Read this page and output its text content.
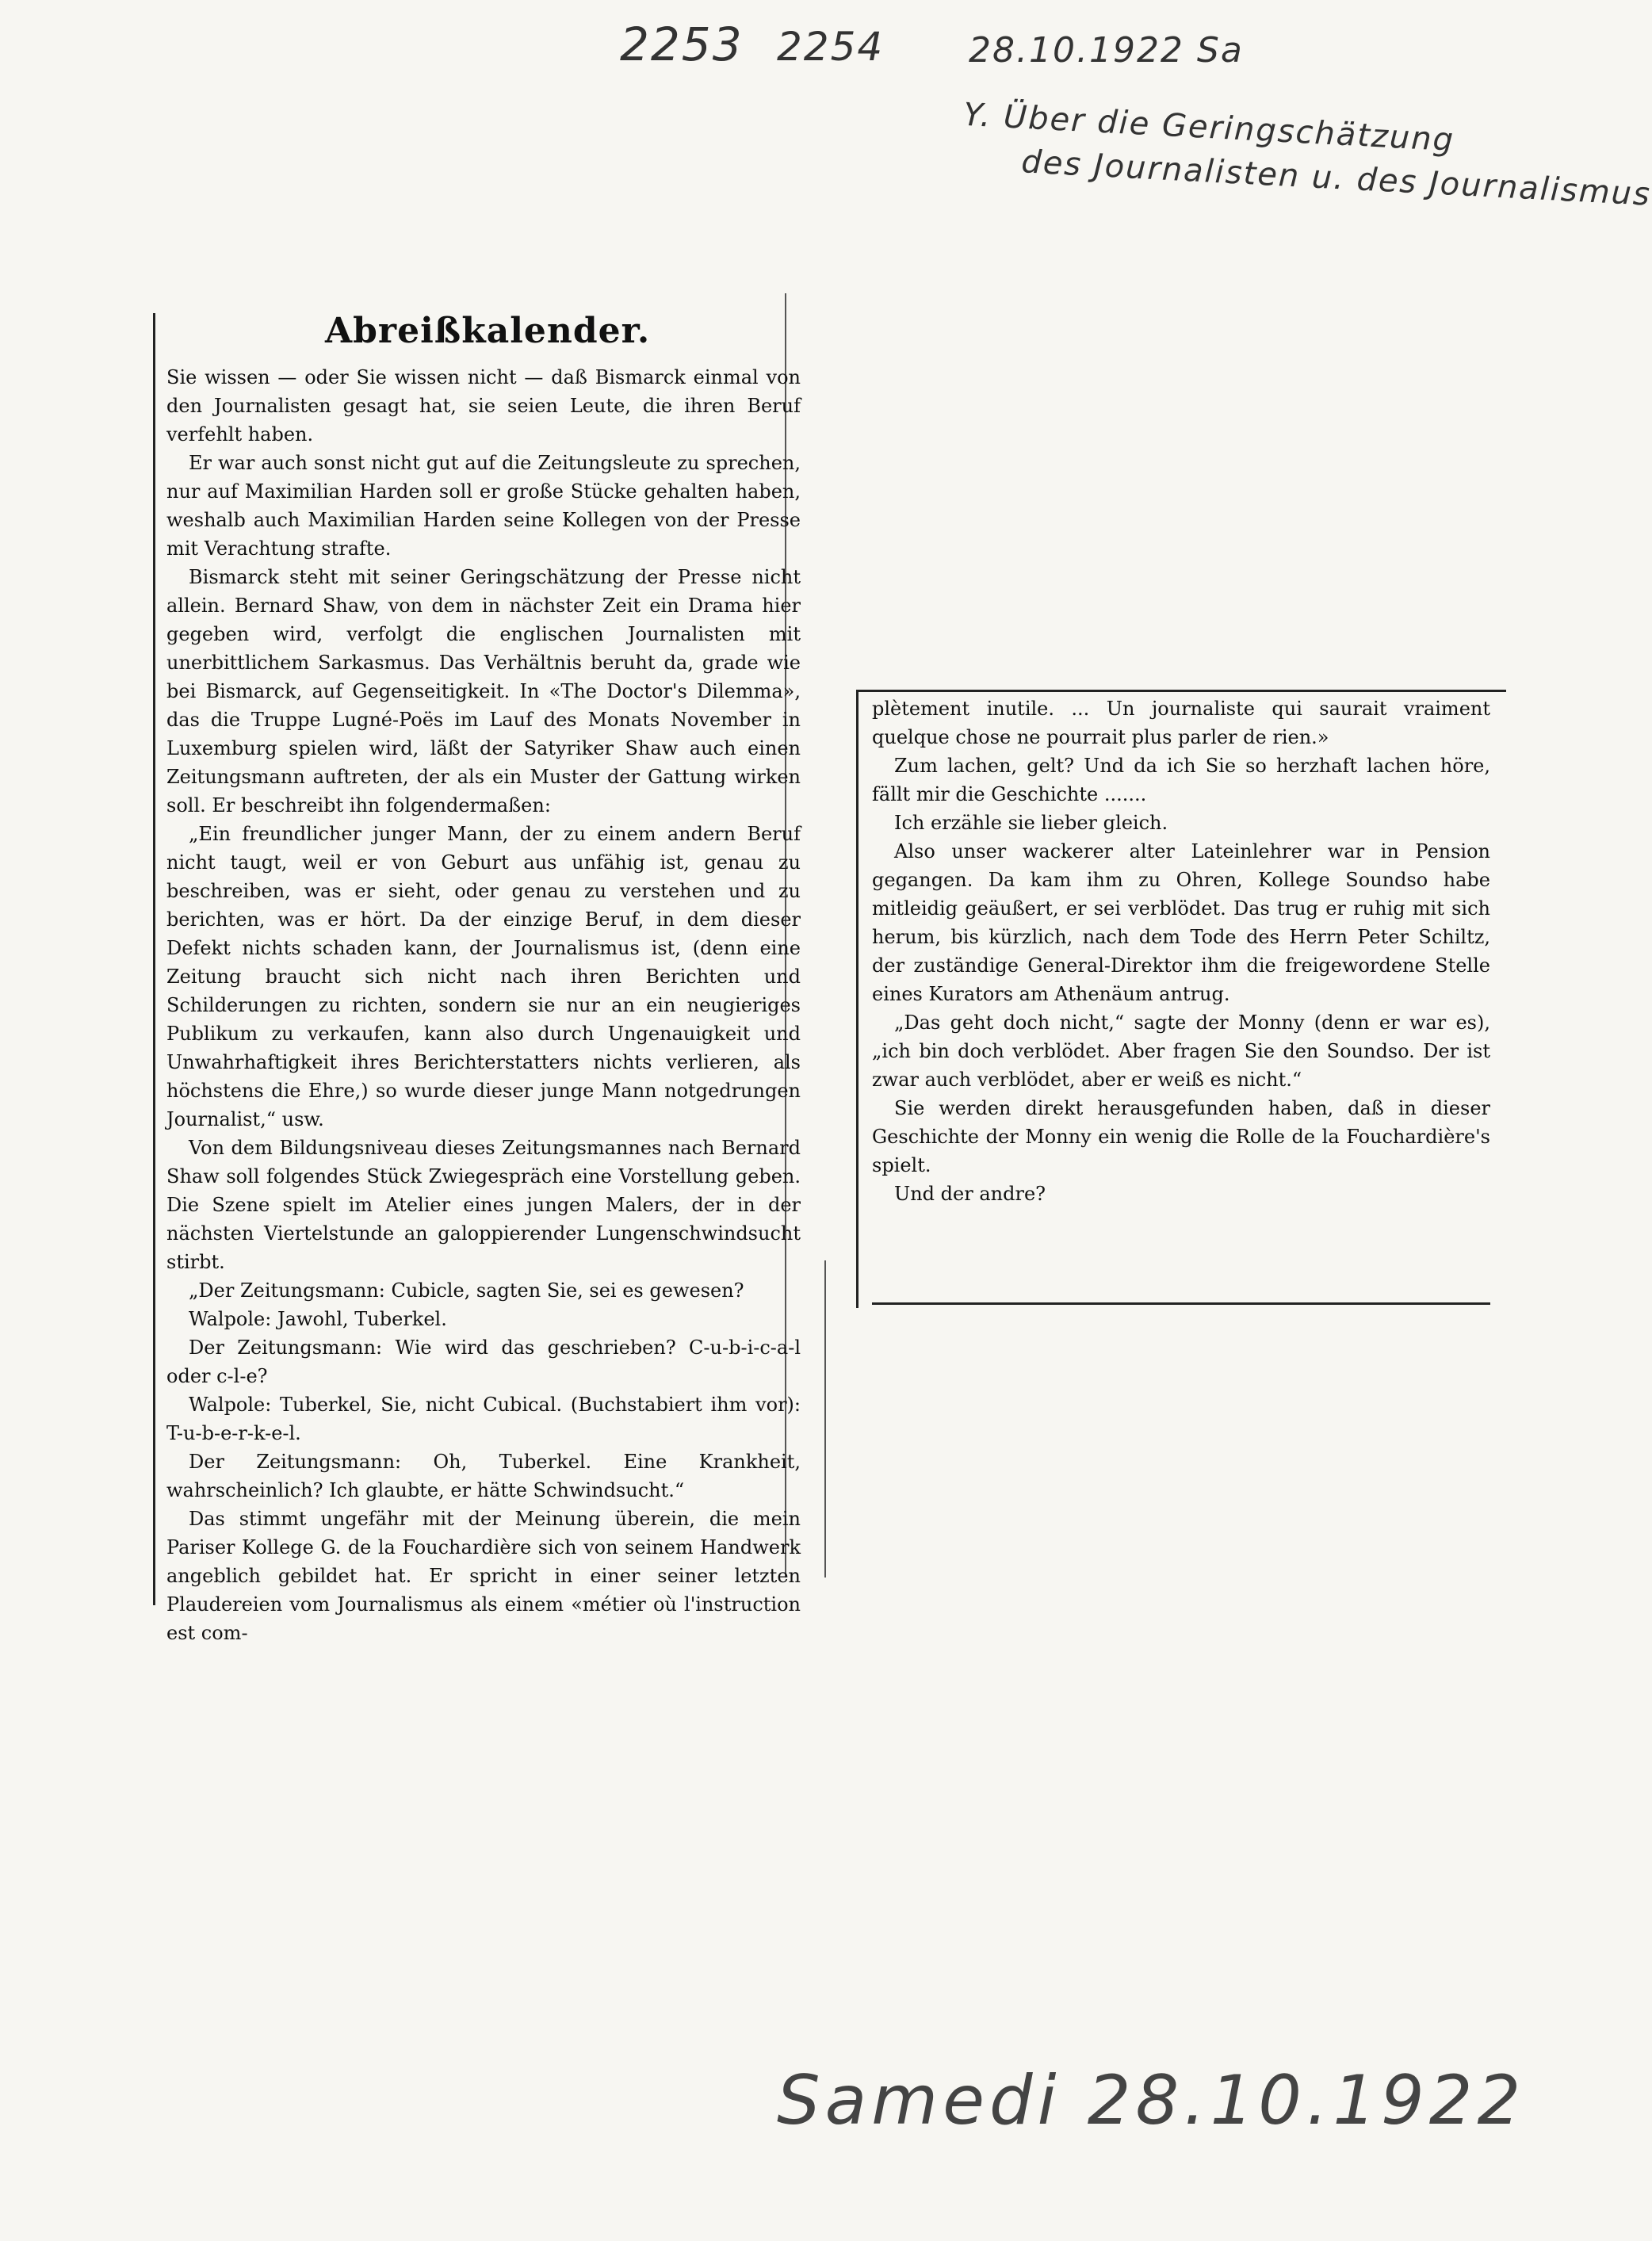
2253 2254 28.10.1922 Sa
Y. Über die Geringschätzung
des Journalisten u. des Journalismus
Abreißkalender.

Sie wissen — oder Sie wissen nicht — daß Bismarck einmal von den Journalisten gesagt hat, sie seien Leute, die ihren Beruf verfehlt haben.

Er war auch sonst nicht gut auf die Zeitungsleute zu sprechen, nur auf Maximilian Harden soll er große Stücke gehalten haben, weshalb auch Maximilian Harden seine Kollegen von der Presse mit Verachtung strafte.

Bismarck steht mit seiner Geringschätzung der Presse nicht allein. Bernard Shaw, von dem in nächster Zeit ein Drama hier gegeben wird, verfolgt die englischen Journalisten mit unerbittlichem Sarkasmus. Das Verhältnis beruht da, grade wie bei Bismarck, auf Gegenseitigkeit. In «The Doctor's Dilemma», das die Truppe Lugné-Poës im Lauf des Monats November in Luxemburg spielen wird, läßt der Satyriker Shaw auch einen Zeitungsmann auftreten, der als ein Muster der Gattung wirken soll. Er beschreibt ihn folgendermaßen:

„Ein freundlicher junger Mann, der zu einem andern Beruf nicht taugt, weil er von Geburt aus unfähig ist, genau zu beschreiben, was er sieht, oder genau zu verstehen und zu berichten, was er hört. Da der einzige Beruf, in dem dieser Defekt nichts schaden kann, der Journalismus ist, (denn eine Zeitung braucht sich nicht nach ihren Berichten und Schilderungen zu richten, sondern sie nur an ein neugieriges Publikum zu verkaufen, kann also durch Ungenauigkeit und Unwahrhaftigkeit ihres Berichterstatters nichts verlieren, als höchstens die Ehre,) so wurde dieser junge Mann notgedrungen Journalist,“ usw.

Von dem Bildungsniveau dieses Zeitungsmannes nach Bernard Shaw soll folgendes Stück Zwiegespräch eine Vorstellung geben. Die Szene spielt im Atelier eines jungen Malers, der in der nächsten Viertelstunde an galoppierender Lungenschwindsucht stirbt.

„Der Zeitungsmann: Cubicle, sagten Sie, sei es gewesen?

Walpole: Jawohl, Tuberkel.

Der Zeitungsmann: Wie wird das geschrieben? C-u-b-i-c-a-l oder c-l-e?

Walpole: Tuberkel, Sie, nicht Cubical. (Buchstabiert ihm vor): T-u-b-e-r-k-e-l.

Der Zeitungsmann: Oh, Tuberkel. Eine Krankheit, wahrscheinlich? Ich glaubte, er hätte Schwindsucht.“

Das stimmt ungefähr mit der Meinung überein, die mein Pariser Kollege G. de la Fouchardière sich von seinem Handwerk angeblich gebildet hat. Er spricht in einer seiner letzten Plaudereien vom Journalismus als einem «métier où l'instruction est com-

plètement inutile. ... Un journaliste qui saurait vraiment quelque chose ne pourrait plus parler de rien.»

Zum lachen, gelt? Und da ich Sie so herzhaft lachen höre, fällt mir die Geschichte .......

Ich erzähle sie lieber gleich.

Also unser wackerer alter Lateinlehrer war in Pension gegangen. Da kam ihm zu Ohren, Kollege Soundso habe mitleidig geäußert, er sei verblödet. Das trug er ruhig mit sich herum, bis kürzlich, nach dem Tode des Herrn Peter Schiltz, der zuständige General-Direktor ihm die freigewordene Stelle eines Kurators am Athenäum antrug.

„Das geht doch nicht,“ sagte der Monny (denn er war es), „ich bin doch verblödet. Aber fragen Sie den Soundso. Der ist zwar auch verblödet, aber er weiß es nicht.“

Sie werden direkt herausgefunden haben, daß in dieser Geschichte der Monny ein wenig die Rolle de la Fouchardière's spielt.

Und der andre?

Samedi 28.10.1922
